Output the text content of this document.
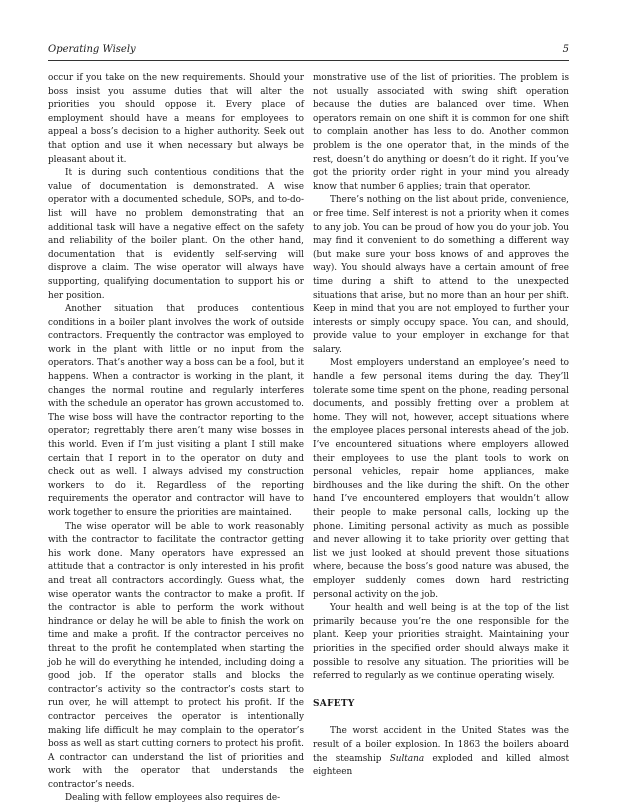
Operating Wisely	5

occur if you take on the new requirements. Should your boss insist you assume duties that will alter the priorities you should oppose it. Every place of employment should have a means for employees to appeal a boss’s decision to a higher authority. Seek out that option and use it when necessary but always be pleasant about it.

It is during such contentious conditions that the value of documentation is demonstrated. A wise operator with a documented schedule, SOPs, and to-do-list will have no problem demonstrating that an additional task will have a negative effect on the safety and reliability of the boiler plant. On the other hand, documentation that is evidently self-serving will disprove a claim. The wise operator will always have supporting, qualifying documentation to support his or her position.

Another situation that produces contentious conditions in a boiler plant involves the work of outside contractors. Frequently the contractor was employed to work in the plant with little or no input from the operators. That’s another way a boss can be a fool, but it happens. When a contractor is working in the plant, it changes the normal routine and regularly interferes with the schedule an operator has grown accustomed to. The wise boss will have the contractor reporting to the operator; regrettably there aren’t many wise bosses in this world. Even if I’m just visiting a plant I still make certain that I report in to the operator on duty and check out as well. I always advised my construction workers to do it. Regardless of the reporting requirements the operator and contractor will have to work together to ensure the priorities are maintained.

The wise operator will be able to work reasonably with the contractor to facilitate the contractor getting his work done. Many operators have expressed an attitude that a contractor is only interested in his profit and treat all contractors accordingly. Guess what, the wise operator wants the contractor to make a profit. If the contractor is able to perform the work without hindrance or delay he will be able to finish the work on time and make a profit. If the contractor perceives no threat to the profit he contemplated when starting the job he will do everything he intended, including doing a good job. If the operator stalls and blocks the contractor’s activity so the contractor’s costs start to run over, he will attempt to protect his profit. If the contractor perceives the operator is intentionally making life difficult he may complain to the operator’s boss as well as start cutting corners to protect his profit. A contractor can understand the list of priorities and work with the operator that understands the contractor’s needs.

Dealing with fellow employees also requires de-

monstrative use of the list of priorities. The problem is not usually associated with swing shift operation because the duties are balanced over time. When operators remain on one shift it is common for one shift to complain another has less to do. Another common problem is the one operator that, in the minds of the rest, doesn’t do anything or doesn’t do it right. If you’ve got the priority order right in your mind you already know that number 6 applies; train that operator.

There’s nothing on the list about pride, convenience, or free time. Self interest is not a priority when it comes to any job. You can be proud of how you do your job. You may find it convenient to do something a different way (but make sure your boss knows of and approves the way). You should always have a certain amount of free time during a shift to attend to the unexpected situations that arise, but no more than an hour per shift. Keep in mind that you are not employed to further your interests or simply occupy space. You can, and should, provide value to your employer in exchange for that salary.

Most employers understand an employee’s need to handle a few personal items during the day. They’ll tolerate some time spent on the phone, reading personal documents, and possibly fretting over a problem at home. They will not, however, accept situations where the employee places personal interests ahead of the job. I’ve encountered situations where employers allowed their employees to use the plant tools to work on personal vehicles, repair home appliances, make birdhouses and the like during the shift. On the other hand I’ve encountered employers that wouldn’t allow their people to make personal calls, locking up the phone. Limiting personal activity as much as possible and never allowing it to take priority over getting that list we just looked at should prevent those situations where, because the boss’s good nature was abused, the employer suddenly comes down hard restricting personal activity on the job.

Your health and well being is at the top of the list primarily because you’re the one responsible for the plant. Keep your priorities straight. Maintaining your priorities in the specified order should always make it possible to resolve any situation. The priorities will be referred to regularly as we continue operating wisely.

SAFETY

The worst accident in the United States was the result of a boiler explosion. In 1863 the boilers aboard the steamship Sultana exploded and killed almost eighteen
